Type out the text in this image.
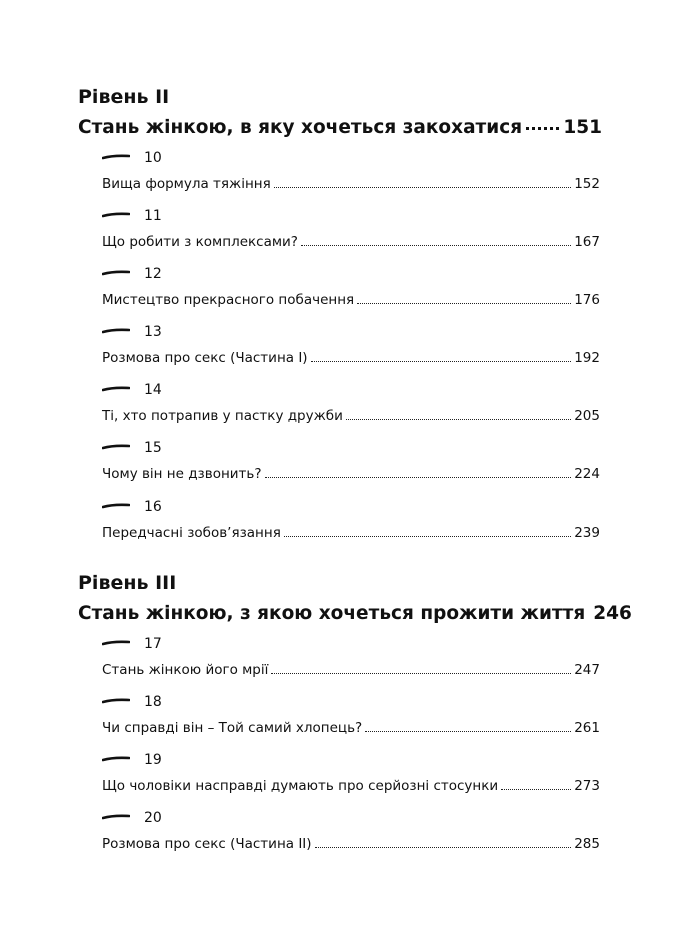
Рівень II
Стань жінкою, в яку хочеться закохатися 151
10
Вища формула тяжіння	152
11
Що робити з комплексами?	167
12
Мистецтво прекрасного побачення	176
13
Розмова про секс (Частина I)	192
14
Ті, хто потрапив у пастку дружби	205
15
Чому він не дзвонить?	224
16
Передчасні зобов’язання	239
Рівень III
Стань жінкою, з якою хочеться прожити життя 246
17
Стань жінкою його мрії	247
18
Чи справді він – Той самий хлопець?	261
19
Що чоловіки насправді думають про серйозні стосунки	273
20
Розмова про секс (Частина II)	285
